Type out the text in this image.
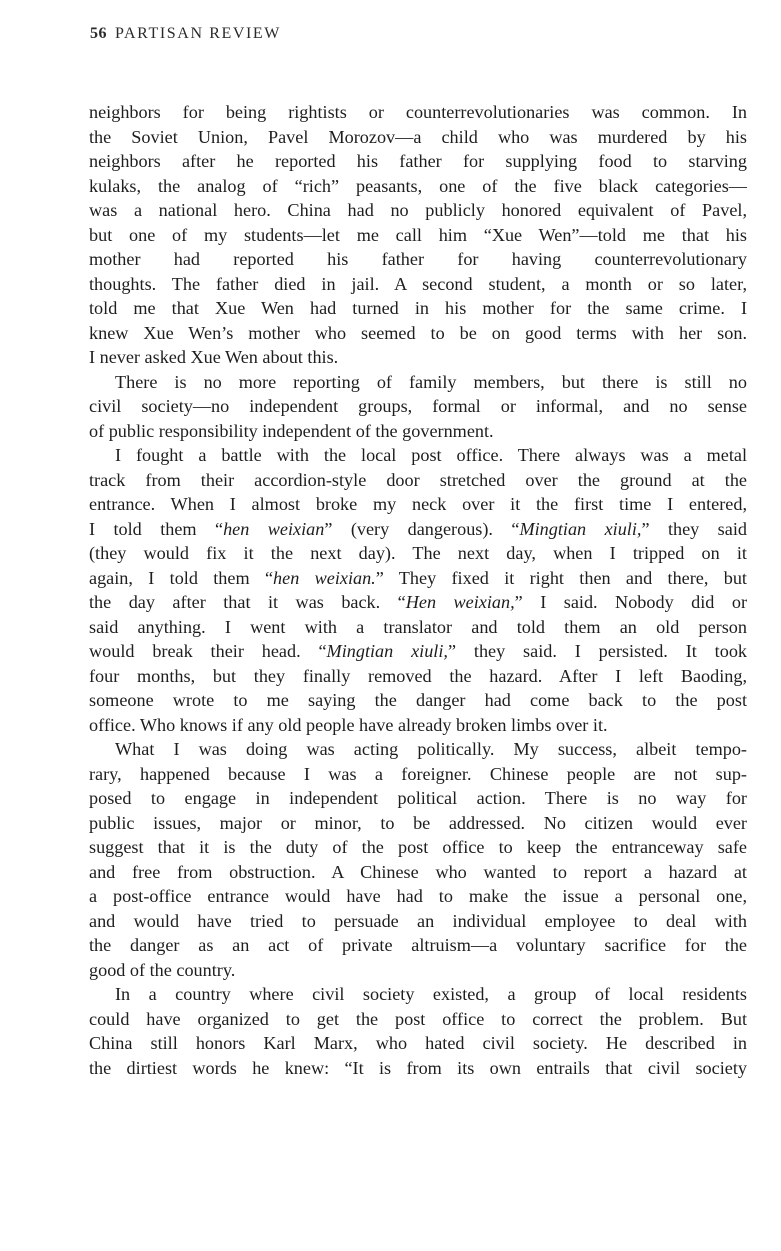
56 PARTISAN REVIEW
neighbors for being rightists or counterrevolutionaries was common. In
the Soviet Union, Pavel Morozov—a child who was murdered by his
neighbors after he reported his father for supplying food to starving
kulaks, the analog of “rich” peasants, one of the five black categories—
was a national hero. China had no publicly honored equivalent of Pavel,
but one of my students—let me call him “Xue Wen”—told me that his
mother had reported his father for having counterrevolutionary
thoughts. The father died in jail. A second student, a month or so later,
told me that Xue Wen had turned in his mother for the same crime. I
knew Xue Wen’s mother who seemed to be on good terms with her son.
I never asked Xue Wen about this.
There is no more reporting of family members, but there is still no
civil society—no independent groups, formal or informal, and no sense
of public responsibility independent of the government.
I fought a battle with the local post office. There always was a metal
track from their accordion-style door stretched over the ground at the
entrance. When I almost broke my neck over it the first time I entered,
I told them “hen weixian” (very dangerous). “Mingtian xiuli,” they said
(they would fix it the next day). The next day, when I tripped on it
again, I told them “hen weixian.” They fixed it right then and there, but
the day after that it was back. “Hen weixian,” I said. Nobody did or
said anything. I went with a translator and told them an old person
would break their head. “Mingtian xiuli,” they said. I persisted. It took
four months, but they finally removed the hazard. After I left Baoding,
someone wrote to me saying the danger had come back to the post
office. Who knows if any old people have already broken limbs over it.
What I was doing was acting politically. My success, albeit tempo-
rary, happened because I was a foreigner. Chinese people are not sup-
posed to engage in independent political action. There is no way for
public issues, major or minor, to be addressed. No citizen would ever
suggest that it is the duty of the post office to keep the entranceway safe
and free from obstruction. A Chinese who wanted to report a hazard at
a post-office entrance would have had to make the issue a personal one,
and would have tried to persuade an individual employee to deal with
the danger as an act of private altruism—a voluntary sacrifice for the
good of the country.
In a country where civil society existed, a group of local residents
could have organized to get the post office to correct the problem. But
China still honors Karl Marx, who hated civil society. He described in
the dirtiest words he knew: “It is from its own entrails that civil society
